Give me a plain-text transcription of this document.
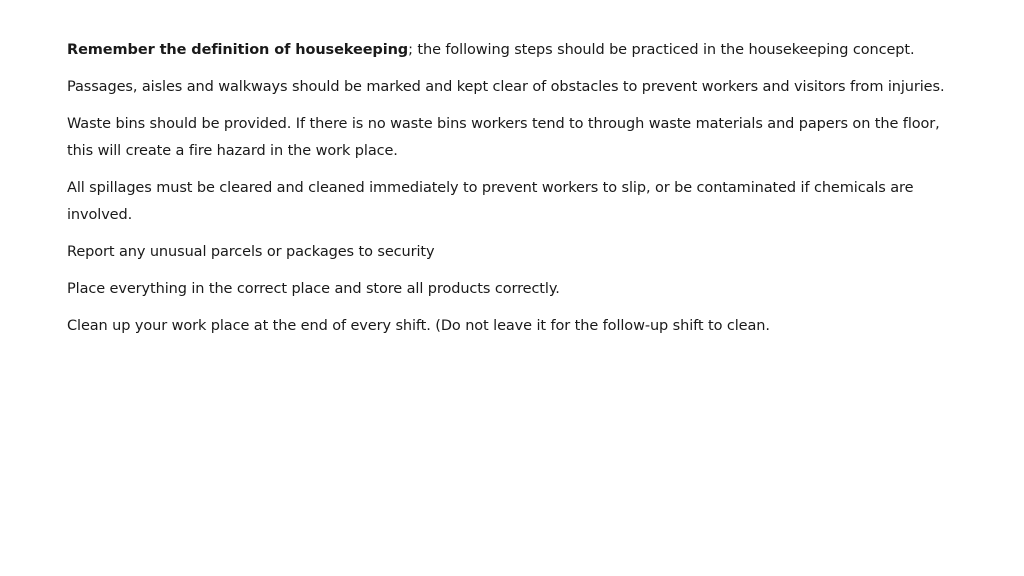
Remember the definition of housekeeping; the following steps should be practiced in the housekeeping concept.

Passages, aisles and walkways should be marked and kept clear of obstacles to prevent workers and visitors from injuries.

Waste bins should be provided. If there is no waste bins workers tend to through waste materials and papers on the floor, this will create a fire hazard in the work place.

All spillages must be cleared and cleaned immediately to prevent workers to slip, or be contaminated if chemicals are involved.

Report any unusual parcels or packages to security

Place everything in the correct place and store all products correctly.

Clean up your work place at the end of every shift. (Do not leave it for the follow-up shift to clean.
